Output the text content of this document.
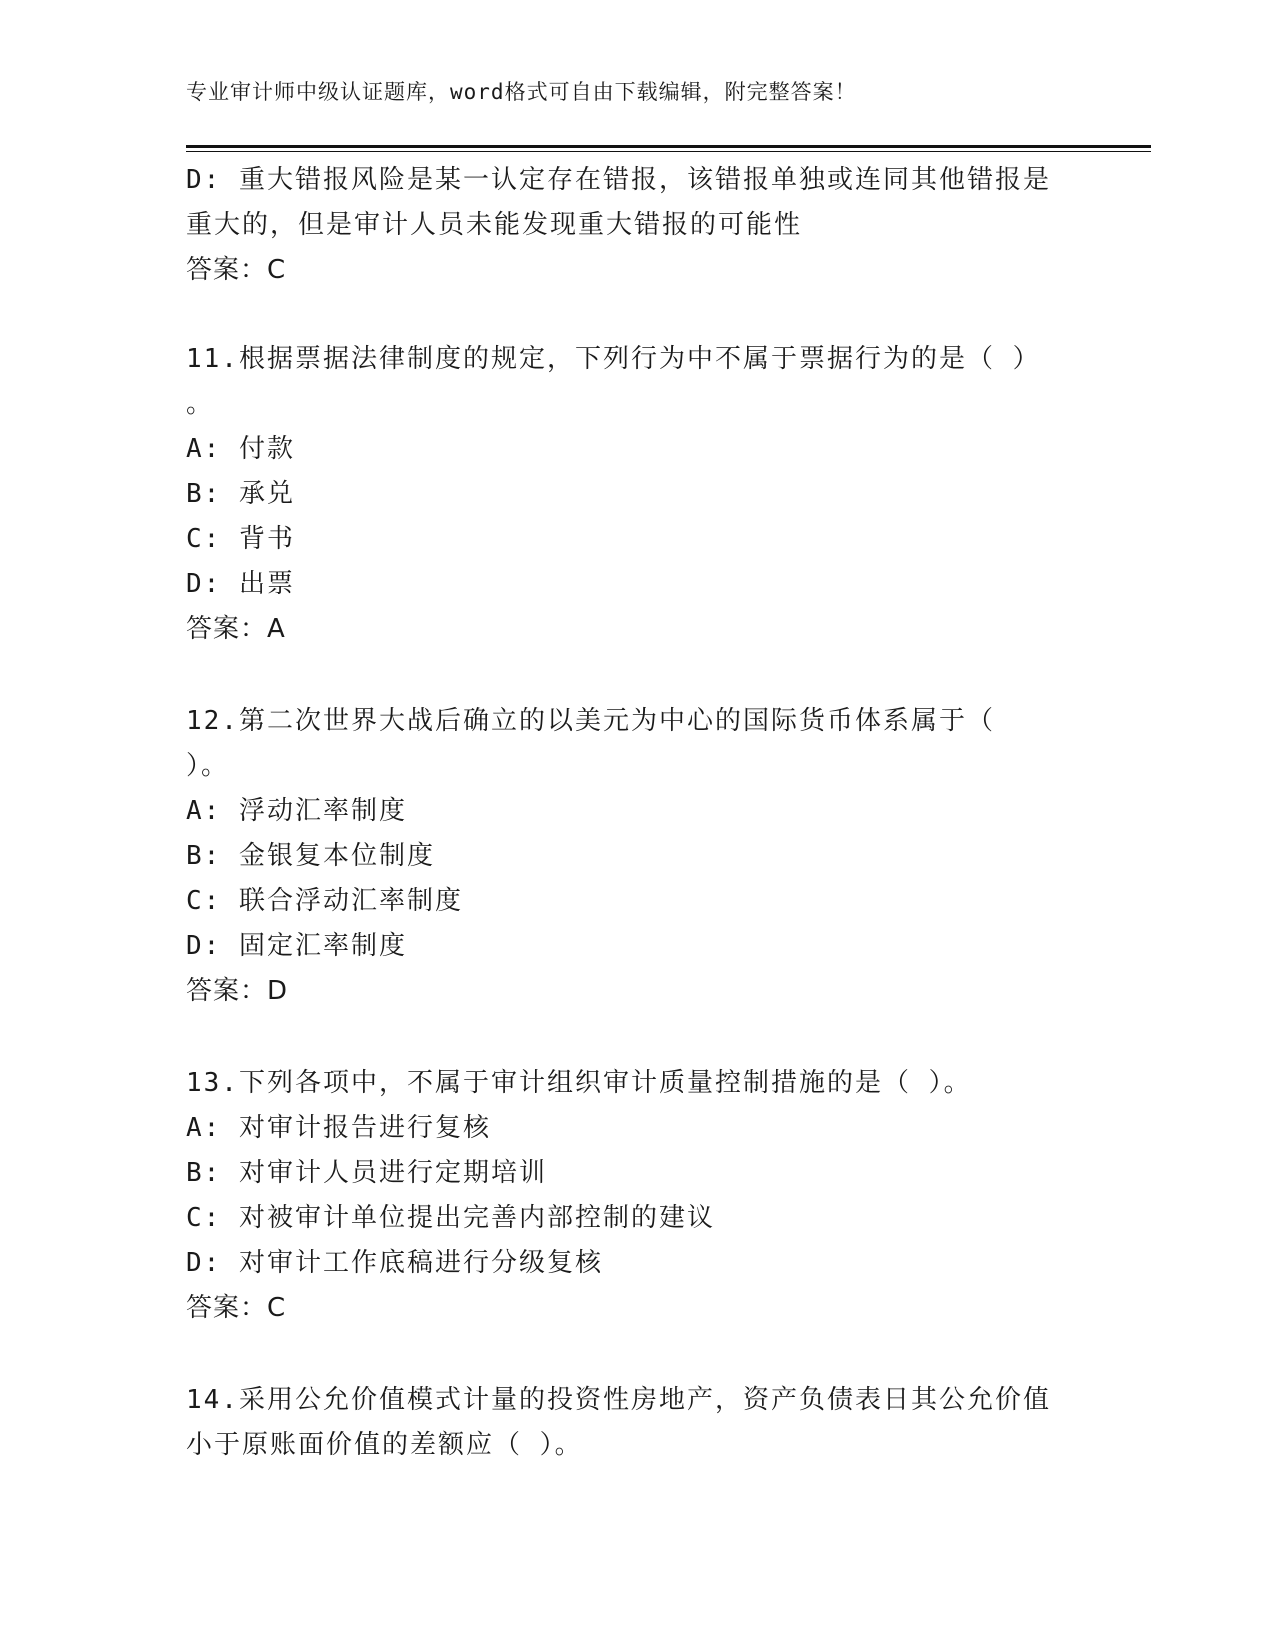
专业审计师中级认证题库，word格式可自由下载编辑，附完整答案！
D: 重大错报风险是某一认定存在错报，该错报单独或连同其他错报是
重大的，但是审计人员未能发现重大错报的可能性
答案：C
11.根据票据法律制度的规定，下列行为中不属于票据行为的是（ ）
。
A: 付款
B: 承兑
C: 背书
D: 出票
答案：A
12.第二次世界大战后确立的以美元为中心的国际货币体系属于（
）。
A: 浮动汇率制度
B: 金银复本位制度
C: 联合浮动汇率制度
D: 固定汇率制度
答案：D
13.下列各项中，不属于审计组织审计质量控制措施的是（ ）。
A: 对审计报告进行复核
B: 对审计人员进行定期培训
C: 对被审计单位提出完善内部控制的建议
D: 对审计工作底稿进行分级复核
答案：C
14.采用公允价值模式计量的投资性房地产，资产负债表日其公允价值
小于原账面价值的差额应（ ）。
